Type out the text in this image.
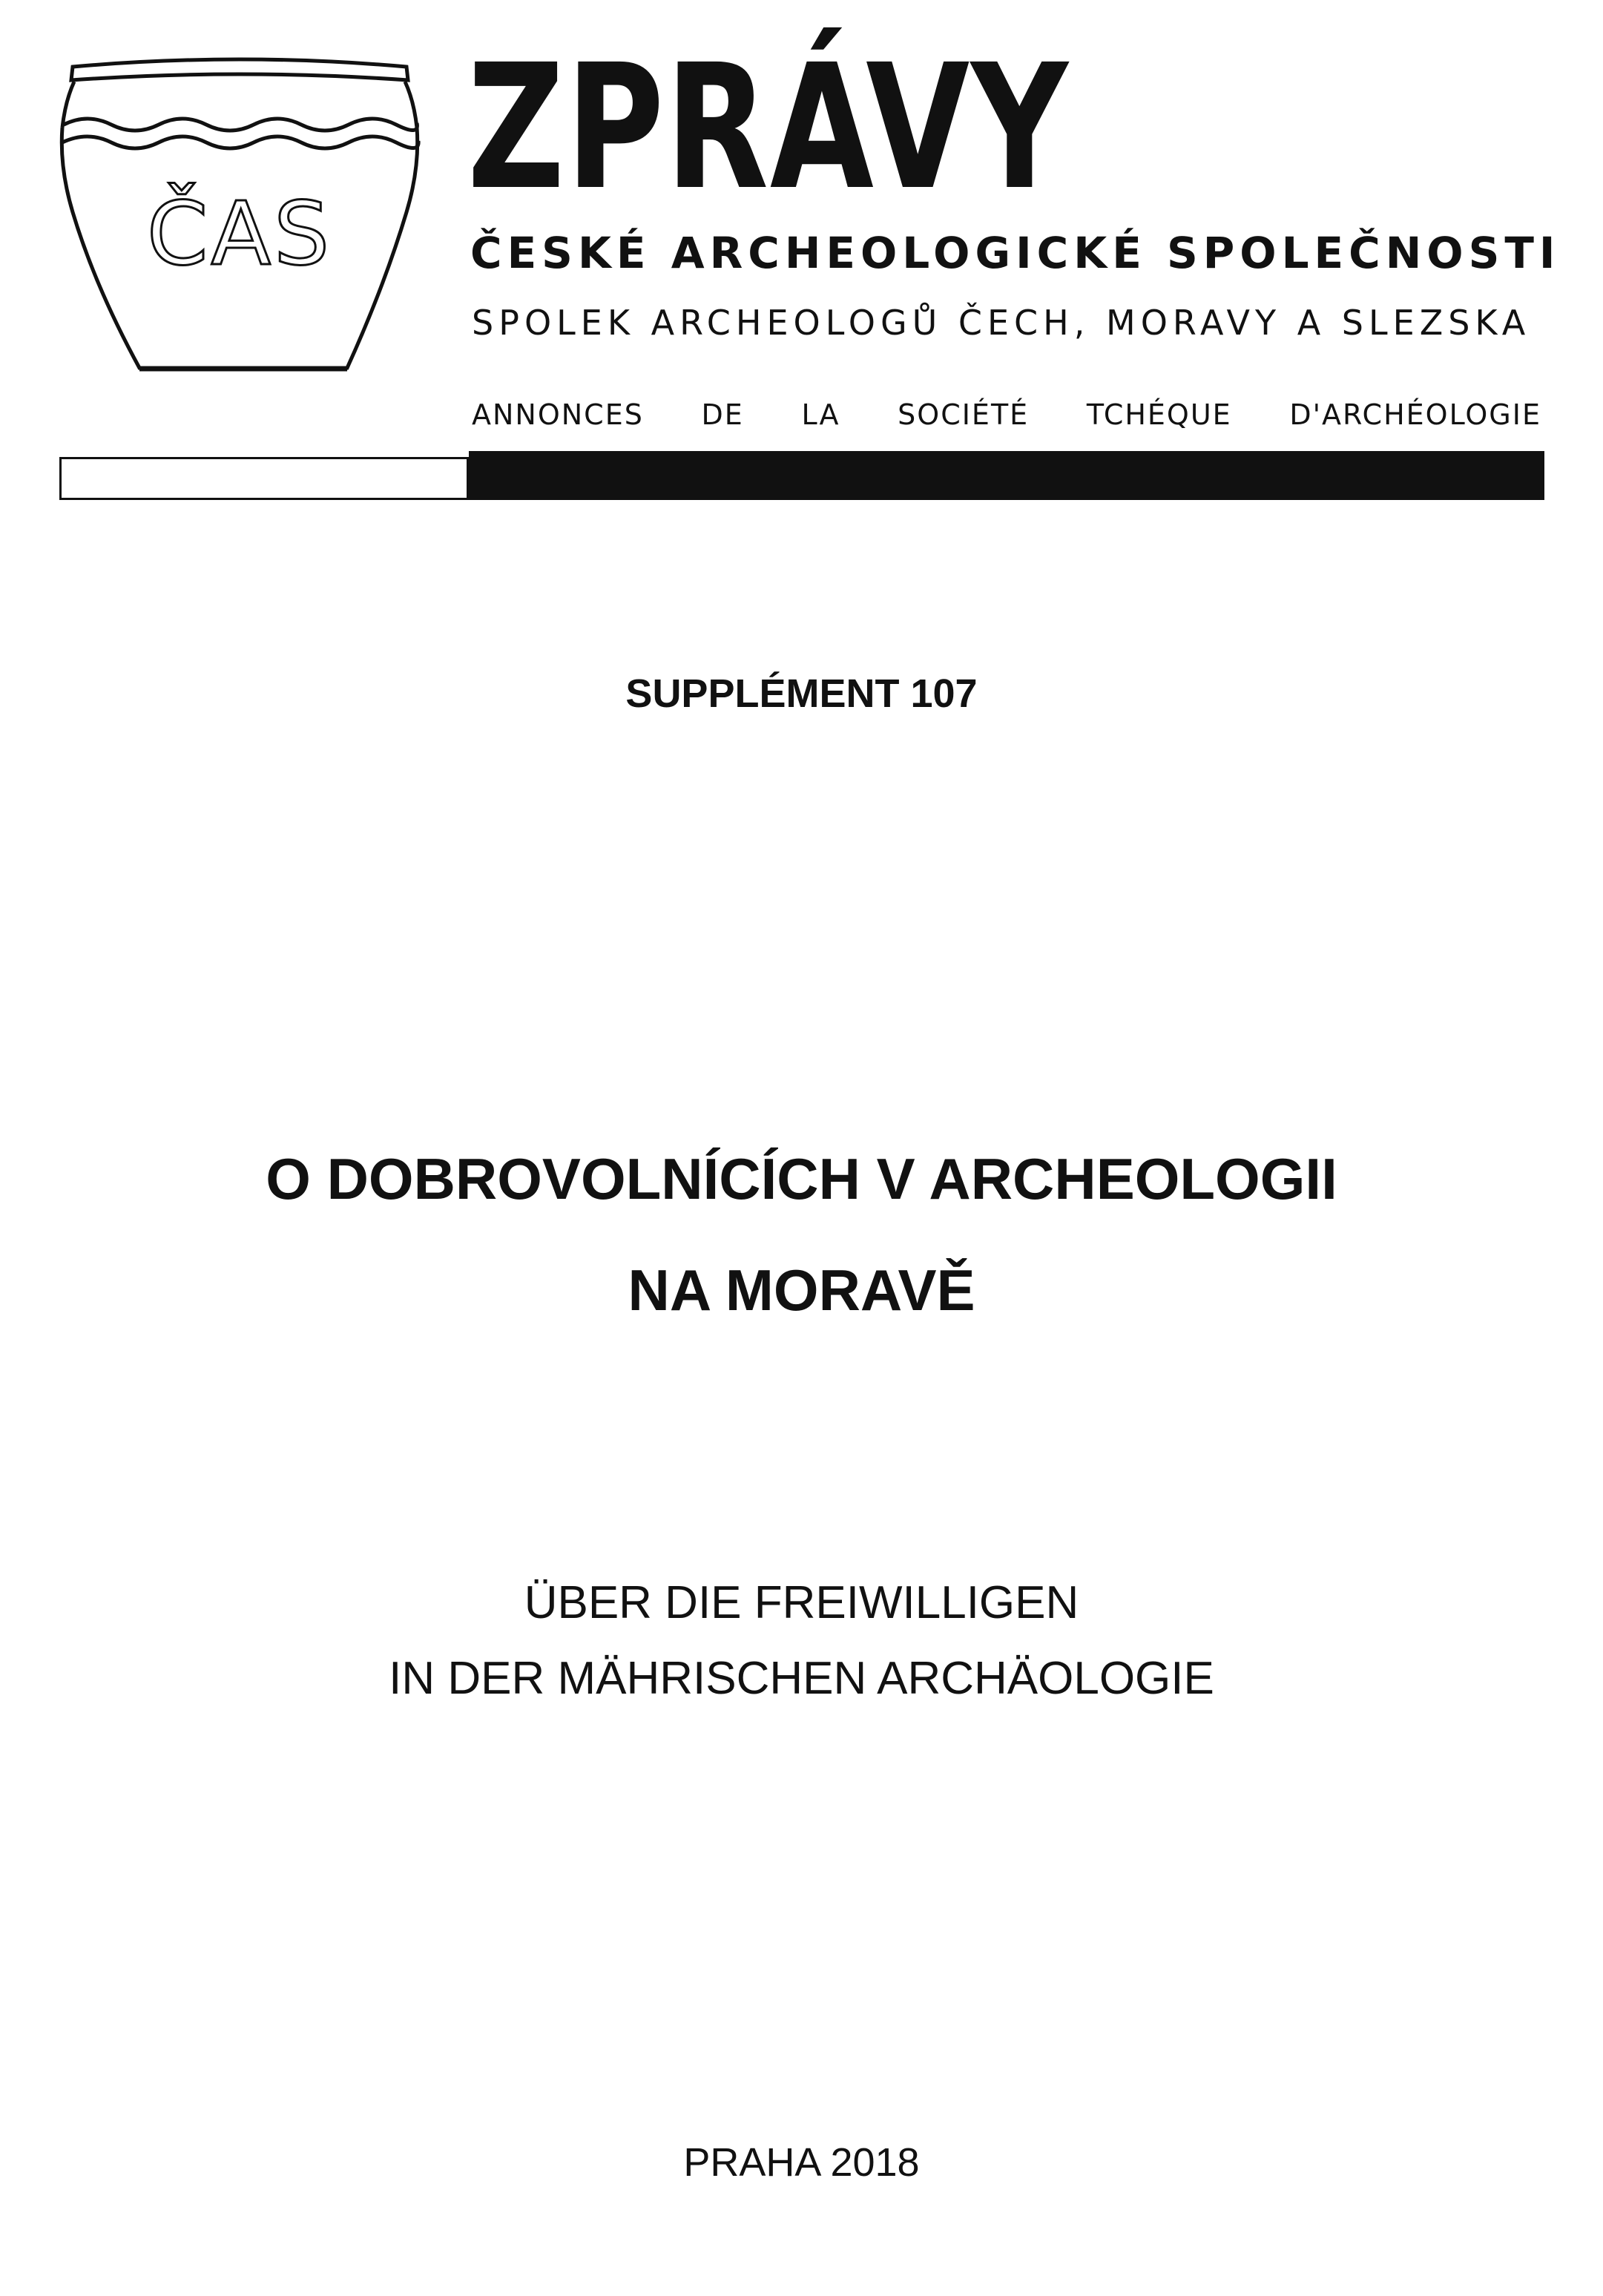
ČAS
ZPRÁVY
ČESKÉ ARCHEOLOGICKÉ SPOLEČNOSTI
SPOLEK ARCHEOLOGŮ ČECH, MORAVY A SLEZSKA
ANNONCES DE LA SOCIÉTÉ TCHÉQUE D'ARCHÉOLOGIE
SUPPLÉMENT 107
O DOBROVOLNÍCÍCH V ARCHEOLOGII
NA MORAVĚ
ÜBER DIE FREIWILLIGEN
IN DER MÄHRISCHEN ARCHÄOLOGIE
PRAHA 2018
